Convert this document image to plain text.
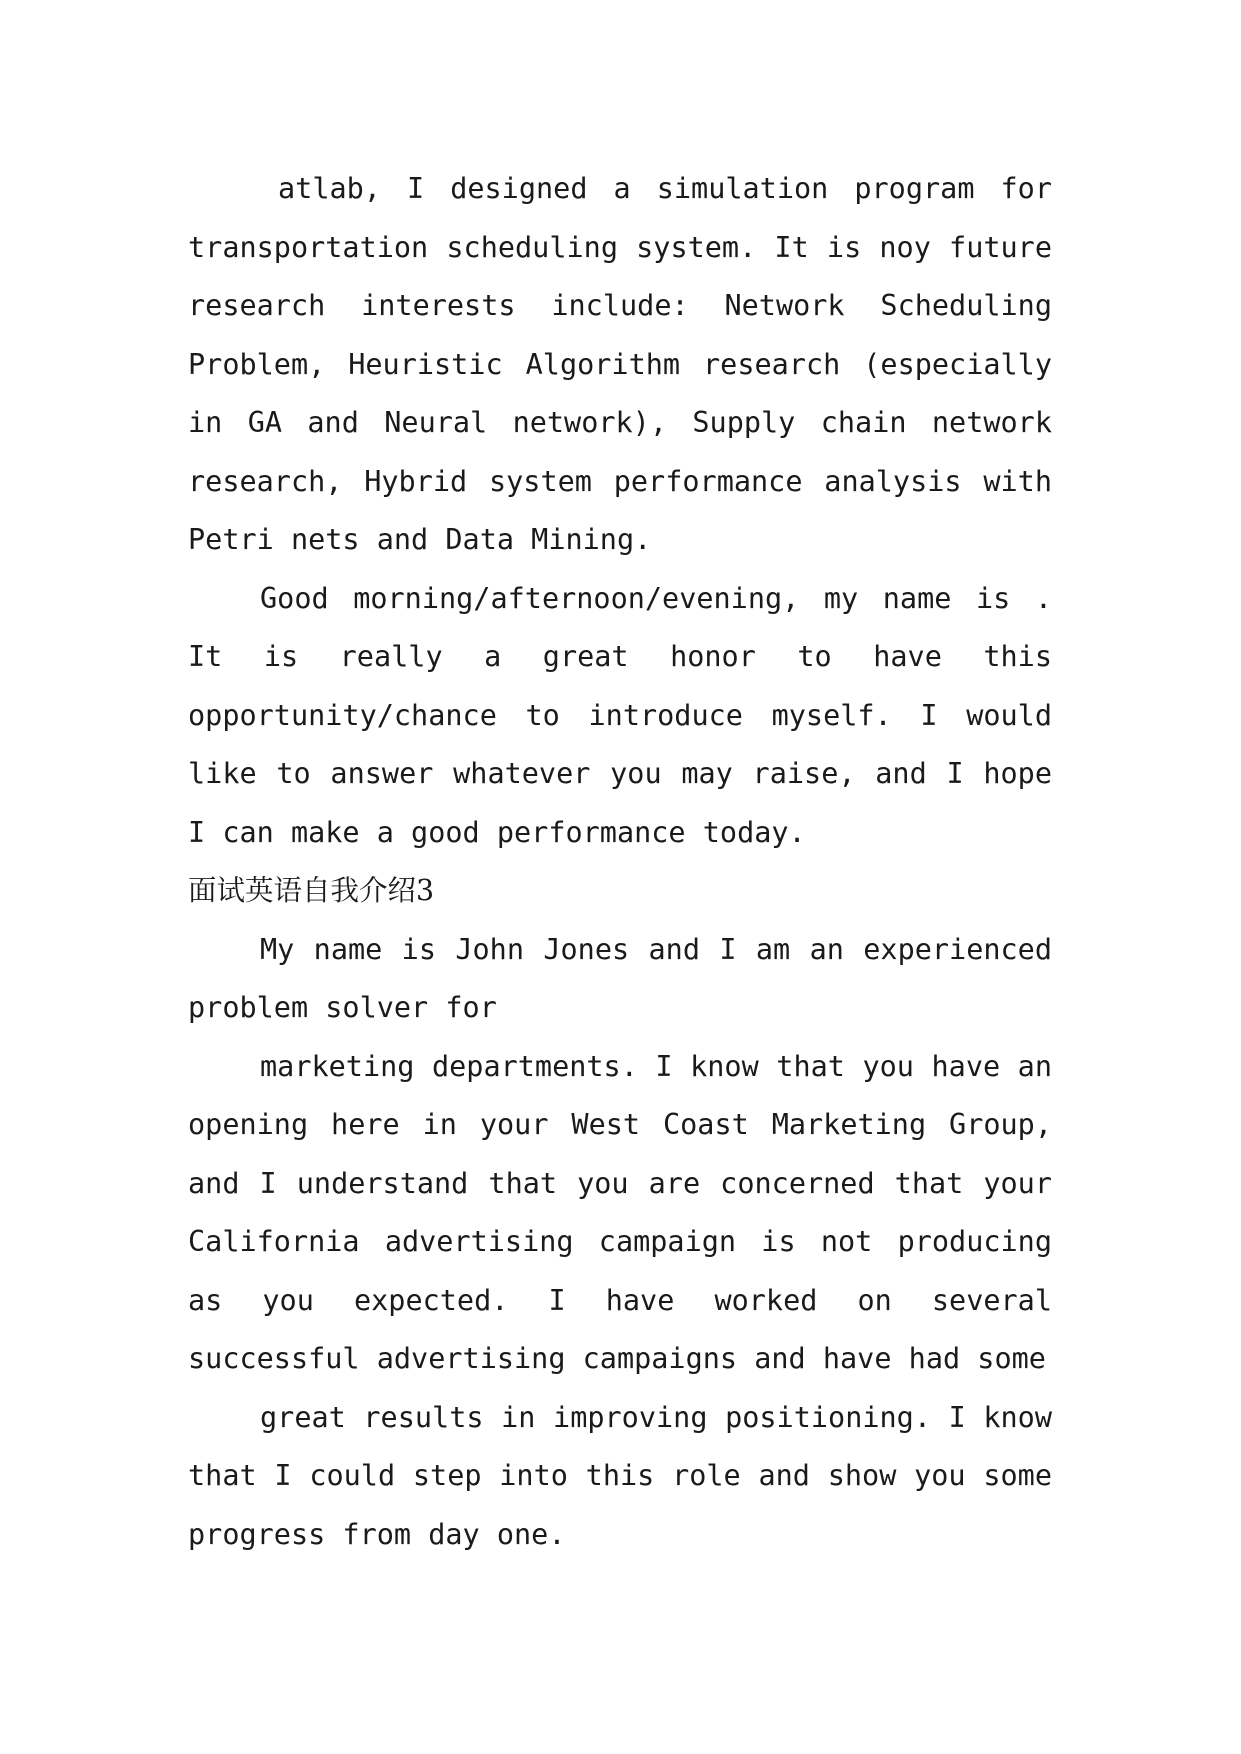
atlab, I designed a simulation program for transportation scheduling system. It is noy future research interests include: Network Scheduling Problem, Heuristic Algorithm research (especially in GA and Neural network), Supply chain network research, Hybrid system performance analysis with Petri nets and Data Mining.

Good morning/afternoon/evening, my name is . It is really a great honor to have this opportunity/chance to introduce myself. I would like to answer whatever you may raise, and I hope I can make a good performance today.

面试英语自我介绍3

My name is John Jones and I am an experienced problem solver for

marketing departments. I know that you have an opening here in your West Coast Marketing Group, and I understand that you are concerned that your California advertising campaign is not producing as you expected. I have worked on several successful advertising campaigns and have had some

great results in improving positioning. I know that I could step into this role and show you some progress from day one.
